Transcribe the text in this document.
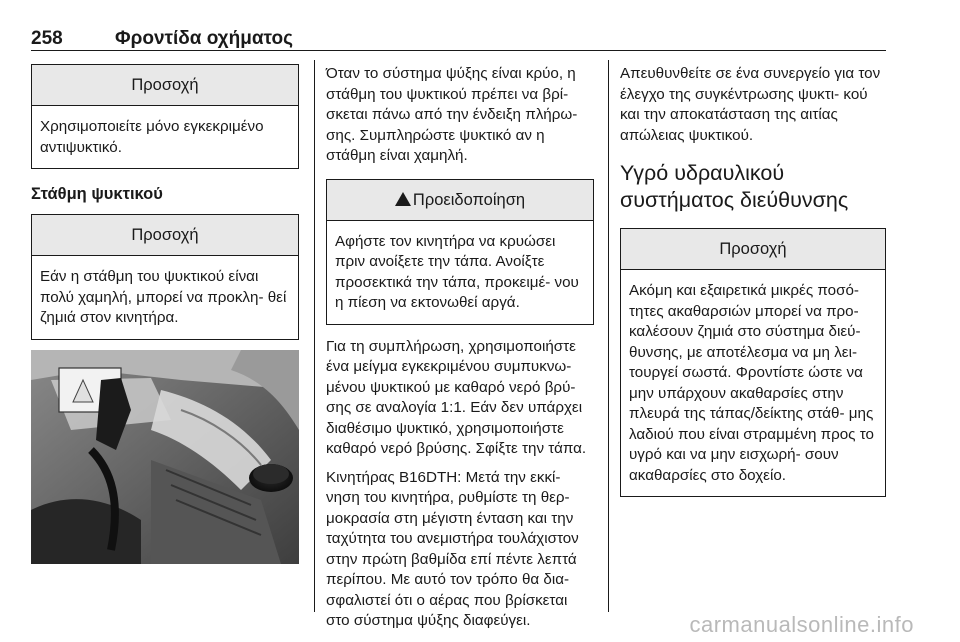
258	Φροντίδα οχήματος
Προσοχή
Χρησιμοποιείτε μόνο εγκεκριμένο αντιψυκτικό.
Στάθμη ψυκτικού
Προσοχή
Εάν η στάθμη του ψυκτικού είναι πολύ χαμηλή, μπορεί να προκλη- θεί ζημιά στον κινητήρα.

Όταν το σύστημα ψύξης είναι κρύο, η στάθμη του ψυκτικού πρέπει να βρί- σκεται πάνω από την ένδειξη πλήρω- σης. Συμπληρώστε ψυκτικό αν η στάθμη είναι χαμηλή.

!Προειδοποίηση
Αφήστε τον κινητήρα να κρυώσει πριν ανοίξετε την τάπα. Ανοίξτε προσεκτικά την τάπα, προκειμέ- νου η πίεση να εκτονωθεί αργά.

Για τη συμπλήρωση, χρησιμοποιήστε ένα μείγμα εγκεκριμένου συμπυκνω- μένου ψυκτικού με καθαρό νερό βρύ- σης σε αναλογία 1:1. Εάν δεν υπάρχει διαθέσιμο ψυκτικό, χρησιμοποιήστε καθαρό νερό βρύσης. Σφίξτε την τάπα.

Κινητήρας B16DTH: Μετά την εκκί- νηση του κινητήρα, ρυθμίστε τη θερ- μοκρασία στη μέγιστη ένταση και την ταχύτητα του ανεμιστήρα τουλάχιστον στην πρώτη βαθμίδα επί πέντε λεπτά περίπου. Με αυτό τον τρόπο θα δια- σφαλιστεί ότι ο αέρας που βρίσκεται στο σύστημα ψύξης διαφεύγει.

Απευθυνθείτε σε ένα συνεργείο για τον έλεγχο της συγκέντρωσης ψυκτι- κού και την αποκατάσταση της αιτίας απώλειας ψυκτικού.

Υγρό υδραυλικού συστήματος διεύθυνσης
Προσοχή
Ακόμη και εξαιρετικά μικρές ποσό- τητες ακαθαρσιών μπορεί να προ- καλέσουν ζημιά στο σύστημα διεύ- θυνσης, με αποτέλεσμα να μη λει- τουργεί σωστά. Φροντίστε ώστε να μην υπάρχουν ακαθαρσίες στην πλευρά της τάπας/δείκτης στάθ- μης λαδιού που είναι στραμμένη προς το υγρό και να μην εισχωρή- σουν ακαθαρσίες στο δοχείο.
carmanualsonline.info
